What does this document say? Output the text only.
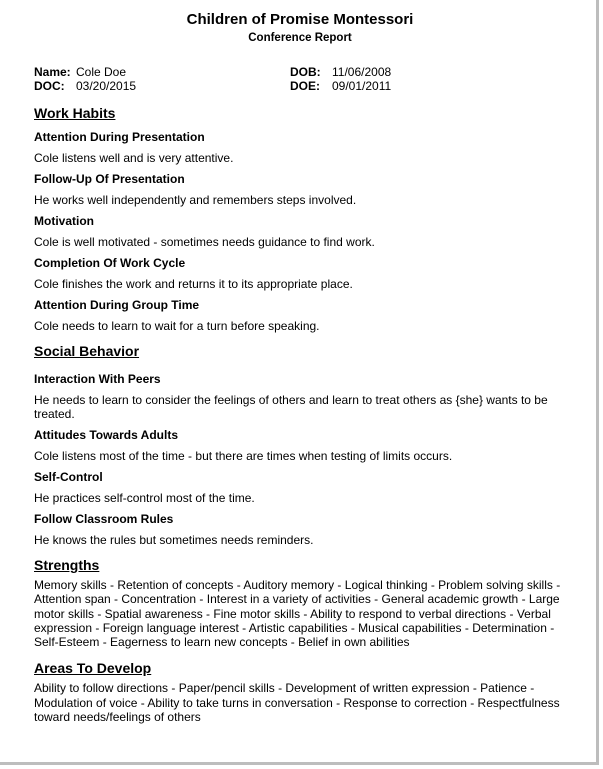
Children of Promise Montessori
Conference Report
Name: Cole Doe
DOC: 03/20/2015
DOB: 11/06/2008
DOE: 09/01/2011
Work Habits
Attention During Presentation

Cole listens well and is very attentive.

Follow-Up Of Presentation

He works well independently and remembers steps involved.

Motivation

Cole is well motivated - sometimes needs guidance to find work.

Completion Of Work Cycle

Cole finishes the work and returns it to its appropriate place.

Attention During Group Time

Cole needs to learn to wait for a turn before speaking.

Social Behavior
Interaction With Peers

He needs to learn to consider the feelings of others and learn to treat others as {she} wants to be treated.

Attitudes Towards Adults

Cole listens most of the time - but there are times when testing of limits occurs.

Self-Control

He practices self-control most of the time.

Follow Classroom Rules

He knows the rules but sometimes needs reminders.

Strengths
Memory skills - Retention of concepts - Auditory memory - Logical thinking - Problem solving skills - Attention span - Concentration - Interest in a variety of activities - General academic growth - Large motor skills - Spatial awareness - Fine motor skills - Ability to respond to verbal directions - Verbal expression - Foreign language interest - Artistic capabilities - Musical capabilities - Determination - Self-Esteem - Eagerness to learn new concepts - Belief in own abilities
Areas To Develop
Ability to follow directions - Paper/pencil skills - Development of written expression - Patience - Modulation of voice - Ability to take turns in conversation - Response to correction - Respectfulness toward needs/feelings of others
